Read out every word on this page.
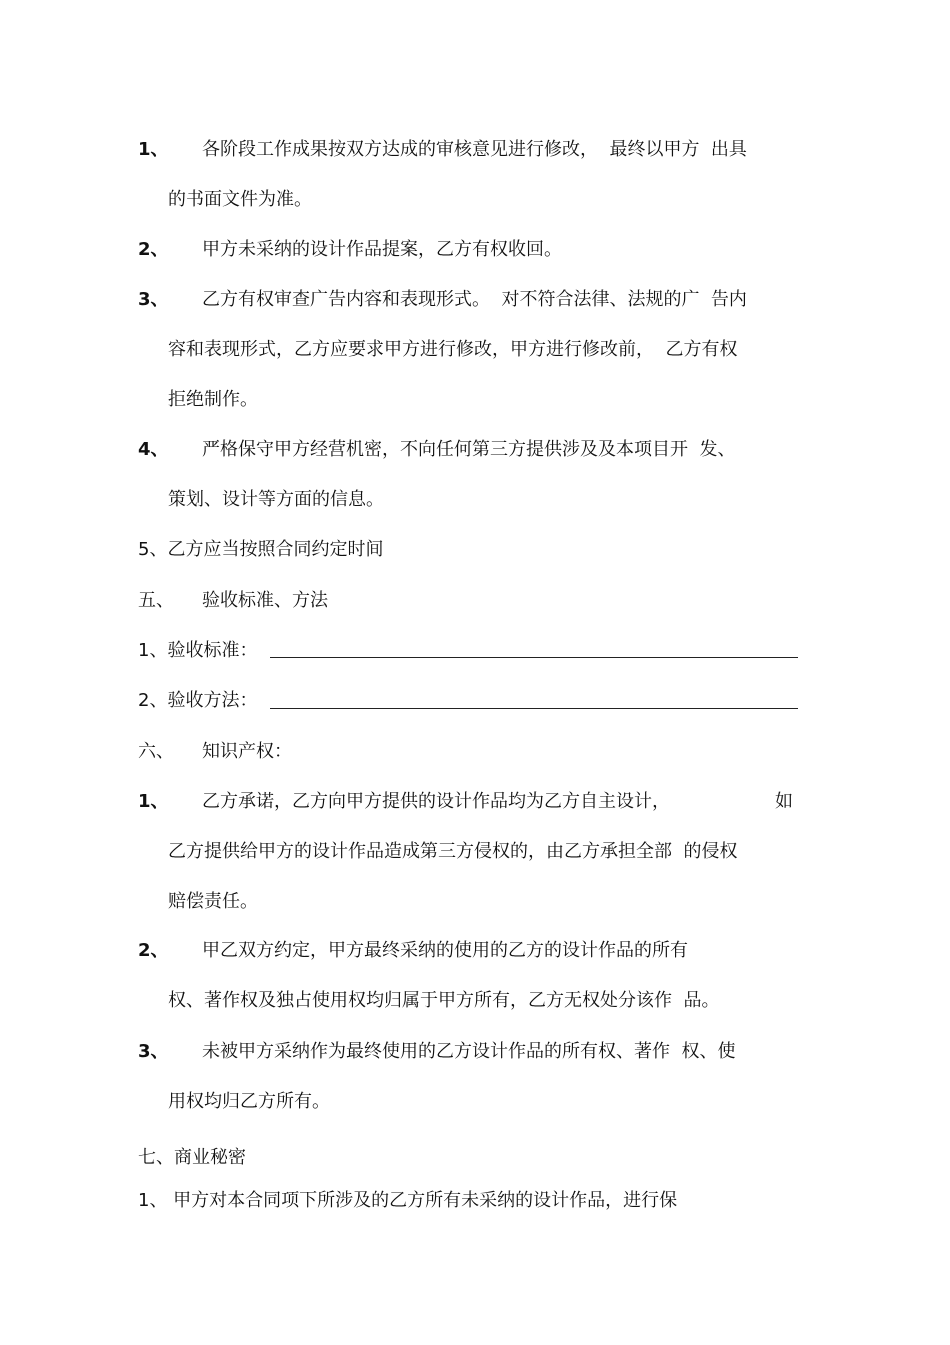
1、 各阶段工作成果按双方达成的审核意见进行修改，  最终以甲方  出具
的书面文件为准。
2、 甲方未采纳的设计作品提案，乙方有权收回。
3、 乙方有权审查广告内容和表现形式。  对不符合法律、法规的广  告内
容和表现形式，乙方应要求甲方进行修改，甲方进行修改前，  乙方有权
拒绝制作。
4、 严格保守甲方经营机密，不向任何第三方提供涉及及本项目开  发、
策划、设计等方面的信息。
5、乙方应当按照合同约定时间
五、 验收标准、方法
1、验收标准：
2、验收方法：
六、 知识产权：
1、 乙方承诺，乙方向甲方提供的设计作品均为乙方自主设计，	如
乙方提供给甲方的设计作品造成第三方侵权的，由乙方承担全部  的侵权
赔偿责任。
2、 甲乙双方约定，甲方最终采纳的使用的乙方的设计作品的所有
权、著作权及独占使用权均归属于甲方所有，乙方无权处分该作  品。
3、 未被甲方采纳作为最终使用的乙方设计作品的所有权、著作  权、使
用权均归乙方所有。
七、商业秘密
1、 甲方对本合同项下所涉及的乙方所有未采纳的设计作品，进行保
